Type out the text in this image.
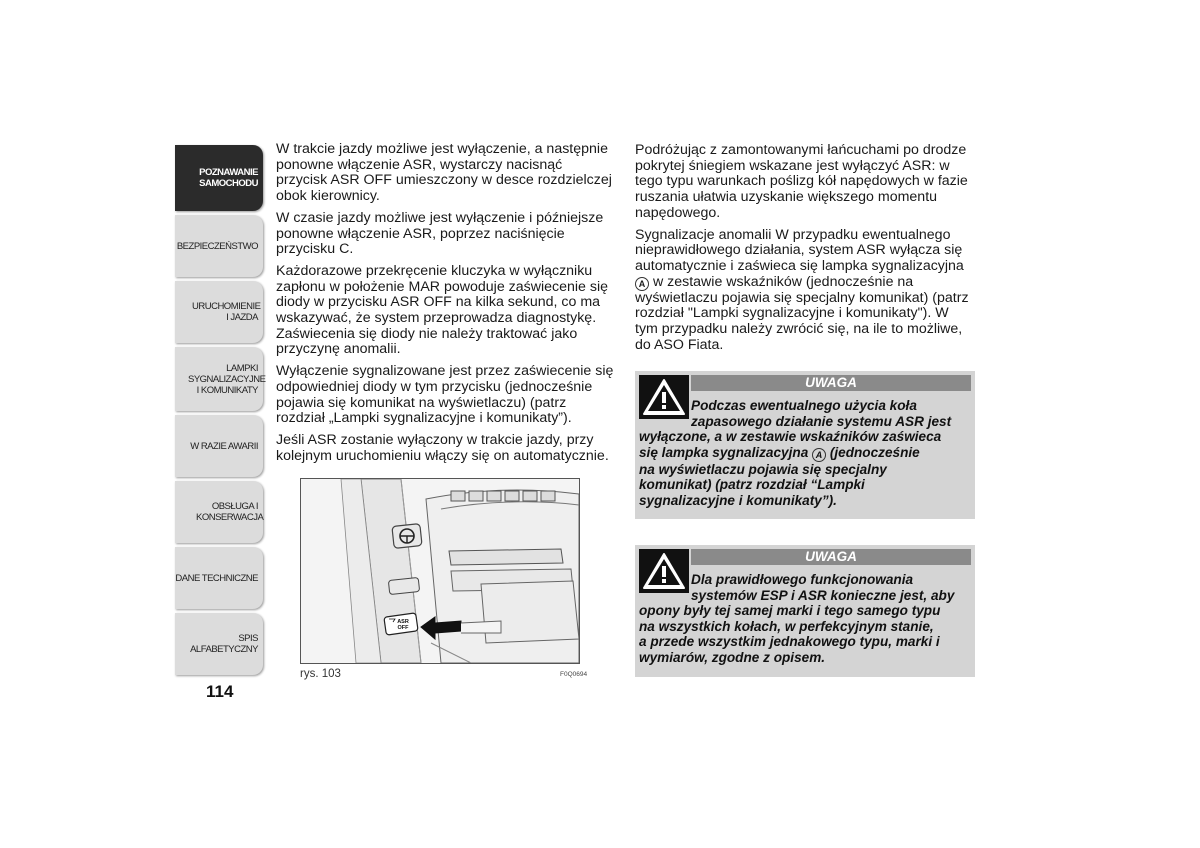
POZNAWANIE SAMOCHODU
BEZPIECZEŃSTWO
URUCHOMIENIE I JAZDA
LAMPKI SYGNALIZACYJNE I KOMUNIKATY
W RAZIE AWARII
OBSŁUGA I KONSERWACJA
DANE TECHNICZNE
SPIS ALFABETYCZNY
114

W trakcie jazdy możliwe jest wyłączenie, a następnie ponowne włączenie ASR, wystarczy nacisnąć przycisk ASR OFF umieszczony w desce rozdzielczej obok kierownicy.

W czasie jazdy możliwe jest wyłączenie i późniejsze ponowne włączenie ASR, poprzez naciśnięcie przycisku C.

Każdorazowe przekręcenie kluczyka w wyłączniku zapłonu w położenie MAR powoduje zaświecenie się diody w przycisku ASR OFF na kilka sekund, co ma wskazywać, że system przeprowadza diagnostykę. Zaświecenia się diody nie należy traktować jako przyczynę anomalii.

Wyłączenie sygnalizowane jest przez zaświecenie się odpowiedniej diody w tym przycisku (jednocześnie pojawia się komunikat na wyświetlaczu) (patrz rozdział „Lampki sygnalizacyjne i komunikaty”).

Jeśli ASR zostanie wyłączony w trakcie jazdy, przy kolejnym uruchomieniu włączy się on automatycznie.

ASR
OFF
rys. 103	F0Q0694

Podróżując z zamontowanymi łańcuchami po drodze pokrytej śniegiem wskazane jest wyłączyć ASR: w tego typu warunkach poślizg kół napędowych w fazie ruszania ułatwia uzyskanie większego momentu napędowego.

Sygnalizacje anomalii W przypadku ewentualnego nieprawidłowego działania, system ASR wyłącza się automatycznie i zaświeca się lampka sygnalizacyjna A w zestawie wskaźników (jednocześnie na wyświetlaczu pojawia się specjalny komunikat) (patrz rozdział "Lampki sygnalizacyjne i komunikaty"). W tym przypadku należy zwrócić się, na ile to możliwe, do ASO Fiata.

UWAGA
Podczas ewentualnego użycia koła
zapasowego działanie systemu ASR jest
wyłączone, a w zestawie wskaźników zaświeca
się lampka sygnalizacyjna A (jednocześnie
na wyświetlaczu pojawia się specjalny
komunikat) (patrz rozdział “Lampki
sygnalizacyjne i komunikaty”).
UWAGA
Dla prawidłowego funkcjonowania
systemów ESP i ASR konieczne jest, aby
opony były tej samej marki i tego samego typu
na wszystkich kołach, w perfekcyjnym stanie,
a przede wszystkim jednakowego typu, marki i
wymiarów, zgodne z opisem.
